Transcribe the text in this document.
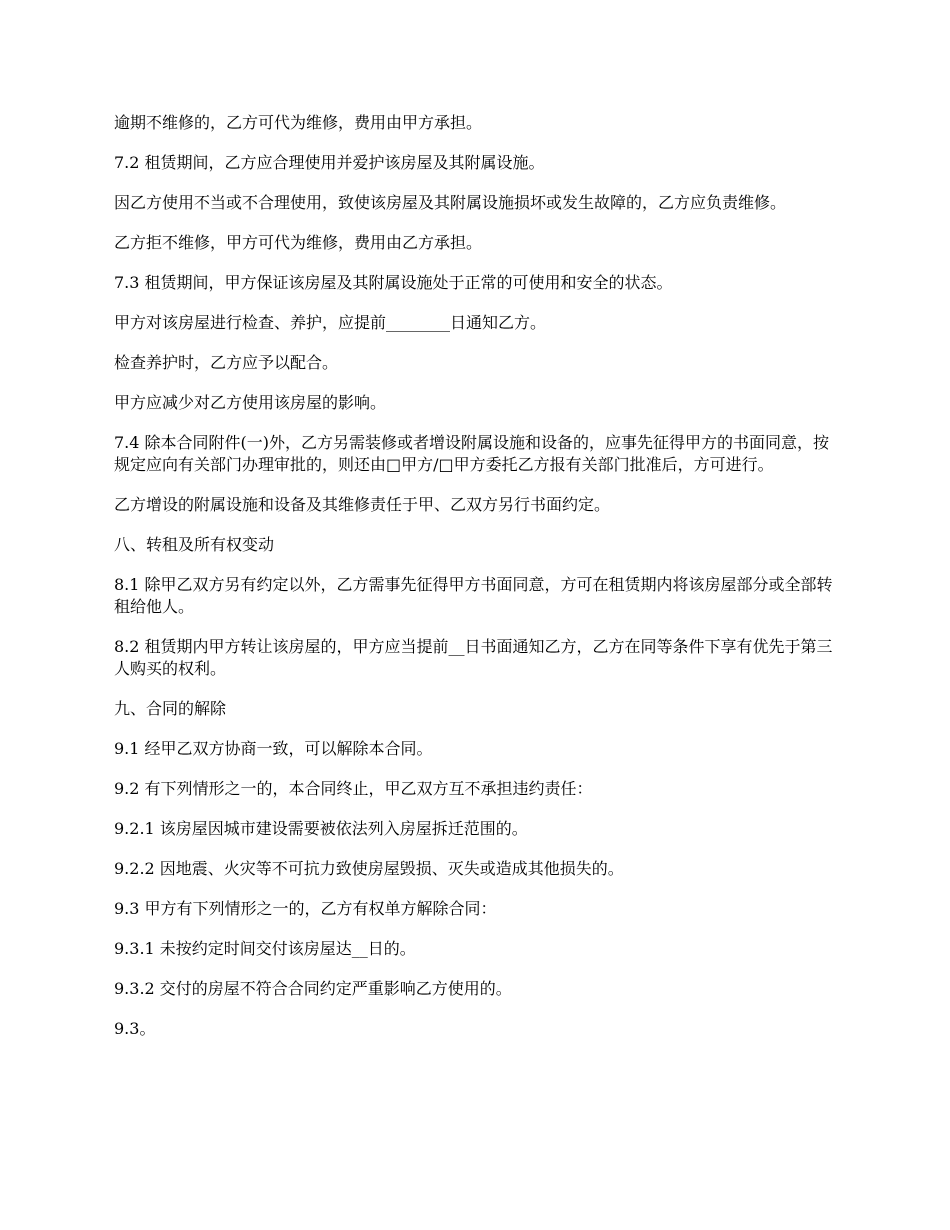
逾期不维修的，乙方可代为维修，费用由甲方承担。

7.2 租赁期间，乙方应合理使用并爱护该房屋及其附属设施。

因乙方使用不当或不合理使用，致使该房屋及其附属设施损坏或发生故障的，乙方应负责维修。

乙方拒不维修，甲方可代为维修，费用由乙方承担。

7.3 租赁期间，甲方保证该房屋及其附属设施处于正常的可使用和安全的状态。

甲方对该房屋进行检查、养护，应提前________日通知乙方。

检查养护时，乙方应予以配合。

甲方应减少对乙方使用该房屋的影响。

7.4 除本合同附件(一)外，乙方另需装修或者增设附属设施和设备的，应事先征得甲方的书面同意，按规定应向有关部门办理审批的，则还由□甲方/□甲方委托乙方报有关部门批准后，方可进行。

乙方增设的附属设施和设备及其维修责任于甲、乙双方另行书面约定。

八、转租及所有权变动

8.1 除甲乙双方另有约定以外，乙方需事先征得甲方书面同意，方可在租赁期内将该房屋部分或全部转租给他人。

8.2 租赁期内甲方转让该房屋的，甲方应当提前__日书面通知乙方，乙方在同等条件下享有优先于第三人购买的权利。

九、合同的解除

9.1 经甲乙双方协商一致，可以解除本合同。

9.2 有下列情形之一的，本合同终止，甲乙双方互不承担违约责任：

9.2.1 该房屋因城市建设需要被依法列入房屋拆迁范围的。

9.2.2 因地震、火灾等不可抗力致使房屋毁损、灭失或造成其他损失的。

9.3 甲方有下列情形之一的，乙方有权单方解除合同：

9.3.1 未按约定时间交付该房屋达__日的。

9.3.2 交付的房屋不符合合同约定严重影响乙方使用的。

9.3。
